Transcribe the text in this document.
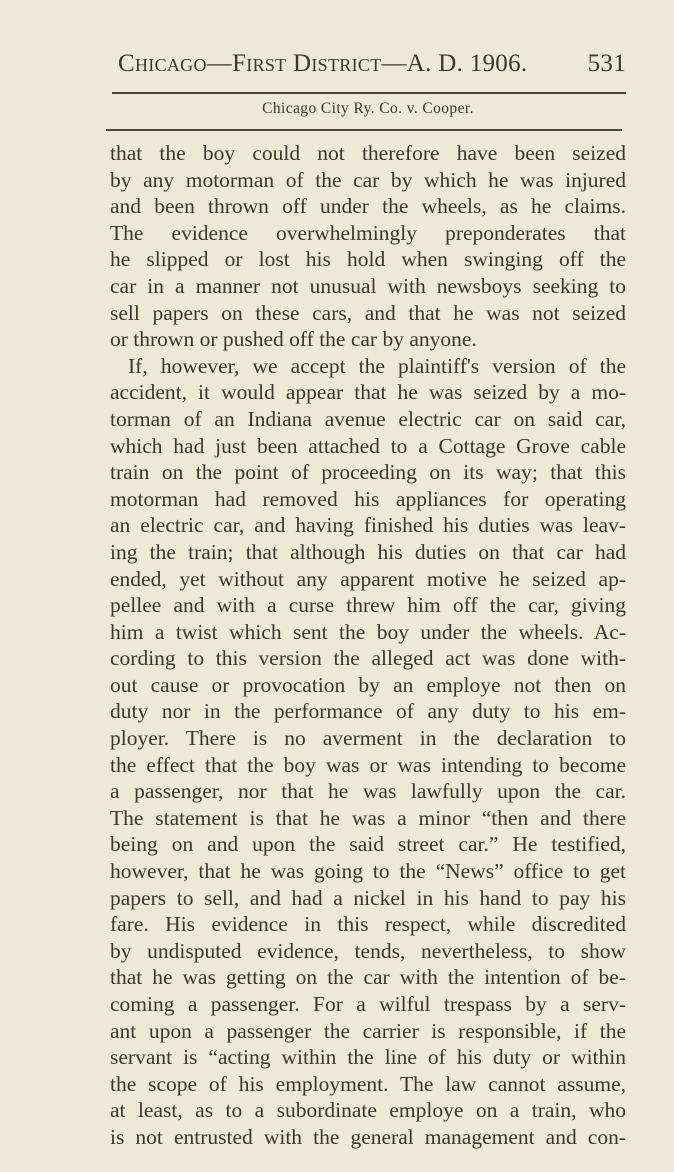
Chicago—First District—A. D. 1906. 531
Chicago City Ry. Co. v. Cooper.
that the boy could not therefore have been seized
by any motorman of the car by which he was injured
and been thrown off under the wheels, as he claims.
The evidence overwhelmingly preponderates that
he slipped or lost his hold when swinging off the
car in a manner not unusual with newsboys seeking to
sell papers on these cars, and that he was not seized
or thrown or pushed off the car by anyone.
If, however, we accept the plaintiff's version of the
accident, it would appear that he was seized by a mo-
torman of an Indiana avenue electric car on said car,
which had just been attached to a Cottage Grove cable
train on the point of proceeding on its way; that this
motorman had removed his appliances for operating
an electric car, and having finished his duties was leav-
ing the train; that although his duties on that car had
ended, yet without any apparent motive he seized ap-
pellee and with a curse threw him off the car, giving
him a twist which sent the boy under the wheels. Ac-
cording to this version the alleged act was done with-
out cause or provocation by an employe not then on
duty nor in the performance of any duty to his em-
ployer. There is no averment in the declaration to
the effect that the boy was or was intending to become
a passenger, nor that he was lawfully upon the car.
The statement is that he was a minor “then and there
being on and upon the said street car.” He testified,
however, that he was going to the “News” office to get
papers to sell, and had a nickel in his hand to pay his
fare. His evidence in this respect, while discredited
by undisputed evidence, tends, nevertheless, to show
that he was getting on the car with the intention of be-
coming a passenger. For a wilful trespass by a serv-
ant upon a passenger the carrier is responsible, if the
servant is “acting within the line of his duty or within
the scope of his employment. The law cannot assume,
at least, as to a subordinate employe on a train, who
is not entrusted with the general management and con-
